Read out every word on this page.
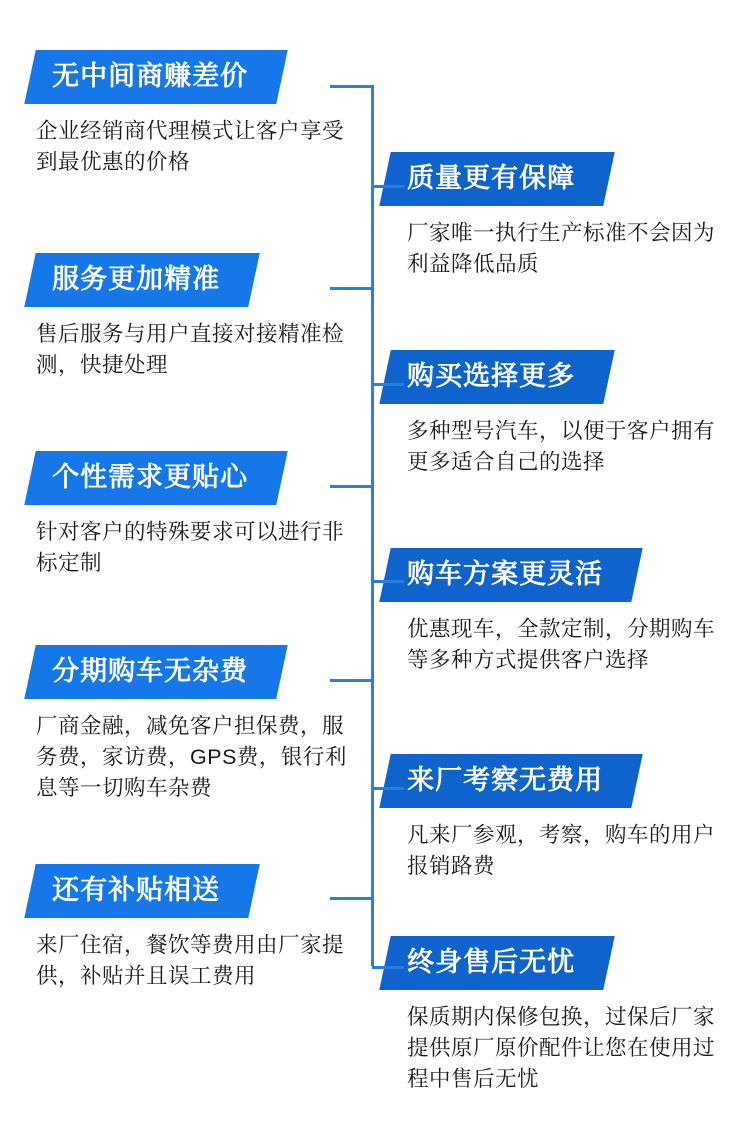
无中间商赚差价
企业经销商代理模式让客户享受到最优惠的价格
质量更有保障
厂家唯一执行生产标准不会因为利益降低品质
服务更加精准
售后服务与用户直接对接精准检测，快捷处理	购买选择更多
多种型号汽车，以便于客户拥有更多适合自己的选择
个性需求更贴心
针对客户的特殊要求可以进行非标定制	购车方案更灵活
优惠现车，全款定制，分期购车等多种方式提供客户选择
分期购车无杂费
厂商金融，减免客户担保费，服务费，家访费，GPS费，银行利息等一切购车杂费	来厂考察无费用
凡来厂参观，考察，购车的用户报销路费
还有补贴相送
来厂住宿，餐饮等费用由厂家提供，补贴并且误工费用	终身售后无忧
保质期内保修包换，过保后厂家提供原厂原价配件让您在使用过程中售后无忧
